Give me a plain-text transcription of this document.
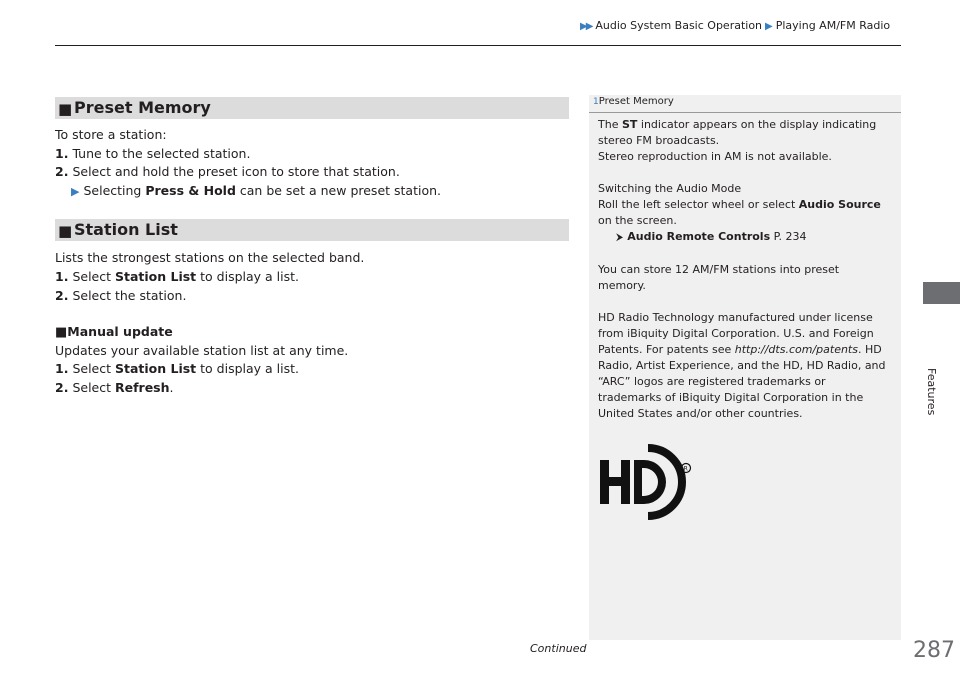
▶▶ Audio System Basic Operation ▶ Playing AM/FM Radio
Features
■ Preset Memory
To store a station:
1. Tune to the selected station.
2. Select and hold the preset icon to store that station.
▶ Selecting Press & Hold can be set a new preset station.
■ Station List
Lists the strongest stations on the selected band.
1. Select Station List to display a list.
2. Select the station.
■Manual update
Updates your available station list at any time.
1. Select Station List to display a list.
2. Select Refresh.
1Preset Memory
The ST indicator appears on the display indicating
stereo FM broadcasts.
Stereo reproduction in AM is not available.
Switching the Audio Mode
Roll the left selector wheel or select Audio Source
on the screen.
⮞ Audio Remote Controls P. 234
You can store 12 AM/FM stations into preset
memory.
HD Radio Technology manufactured under license
from iBiquity Digital Corporation. U.S. and Foreign
Patents. For patents see http://dts.com/patents. HD
Radio, Artist Experience, and the HD, HD Radio, and
“ARC” logos are registered trademarks or
trademarks of iBiquity Digital Corporation in the
United States and/or other countries.
R
Continued	287
